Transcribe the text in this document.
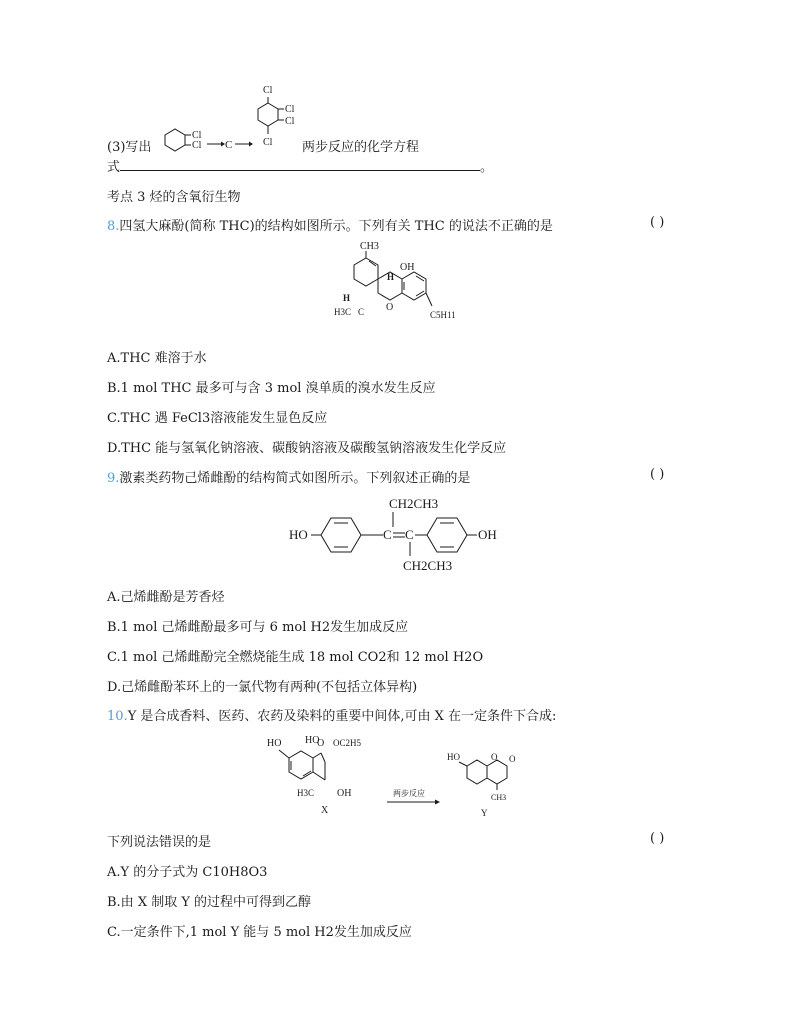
(3)写出
Cl
Cl C
Cl
Cl
Cl
Cl 两步反应的化学方程
式	。
考点 3 烃的含氧衍生物
8.四氢大麻酚(简称 THC)的结构如图所示。下列有关 THC 的说法不正确的是	( )
CH3
OH
H
H
H3C C O
C5H11
A.THC 难溶于水
B.1 mol THC 最多可与含 3 mol 溴单质的溴水发生反应
C.THC 遇 FeCl3溶液能发生显色反应
D.THC 能与氢氧化钠溶液、碳酸钠溶液及碳酸氢钠溶液发生化学反应
9.激素类药物己烯雌酚的结构简式如图所示。下列叙述正确的是	( )
CH2CH3
HO	C C	OH
CH2CH3
A.己烯雌酚是芳香烃
B.1 mol 己烯雌酚最多可与 6 mol H2发生加成反应
C.1 mol 己烯雌酚完全燃烧能生成 18 mol CO2和 12 mol H2O
D.己烯雌酚苯环上的一氯代物有两种(不包括立体异构)
10.Y 是合成香料、医药、农药及染料的重要中间体,可由 X 在一定条件下合成:
HO HO
O OC2H5
H3C OH
X
两步反应
HO	O O
CH3
Y
下列说法错误的是	( )
A.Y 的分子式为 C10H8O3
B.由 X 制取 Y 的过程中可得到乙醇
C.一定条件下,1 mol Y 能与 5 mol H2发生加成反应
